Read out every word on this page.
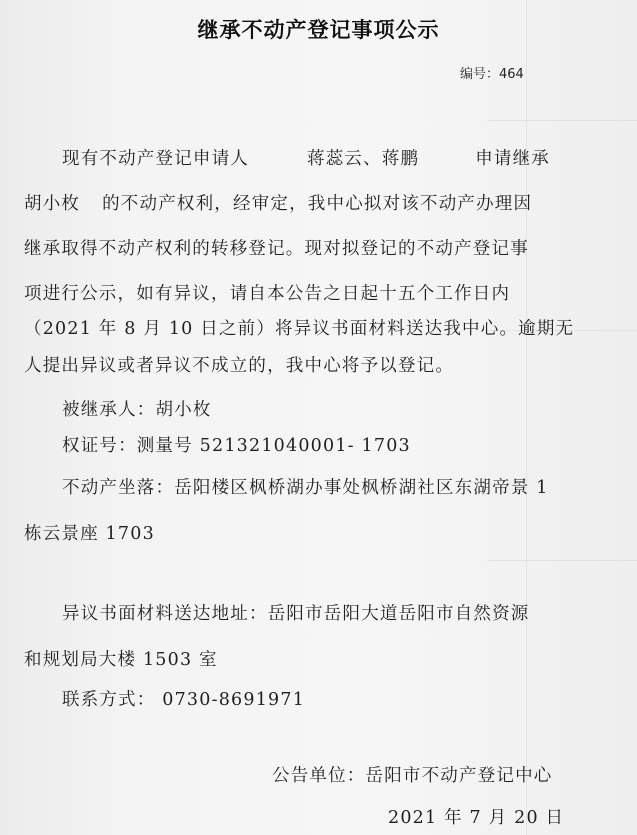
继承不动产登记事项公示
编号：464
现有不动产登记申请人	蒋蕊云、蒋鹏	申请继承
胡小枚 的不动产权利，经审定，我中心拟对该不动产办理因
继承取得不动产权利的转移登记。现对拟登记的不动产登记事
项进行公示，如有异议，请自本公告之日起十五个工作日内
（2021 年 8 月 10 日之前）将异议书面材料送达我中心。逾期无
人提出异议或者异议不成立的，我中心将予以登记。
被继承人：胡小枚
权证号：测量号 521321040001- 1703
不动产坐落：岳阳楼区枫桥湖办事处枫桥湖社区东湖帝景 1
栋云景座 1703
异议书面材料送达地址：岳阳市岳阳大道岳阳市自然资源
和规划局大楼 1503 室
联系方式： 0730-8691971
公告单位：岳阳市不动产登记中心
2021 年 7 月 20 日
